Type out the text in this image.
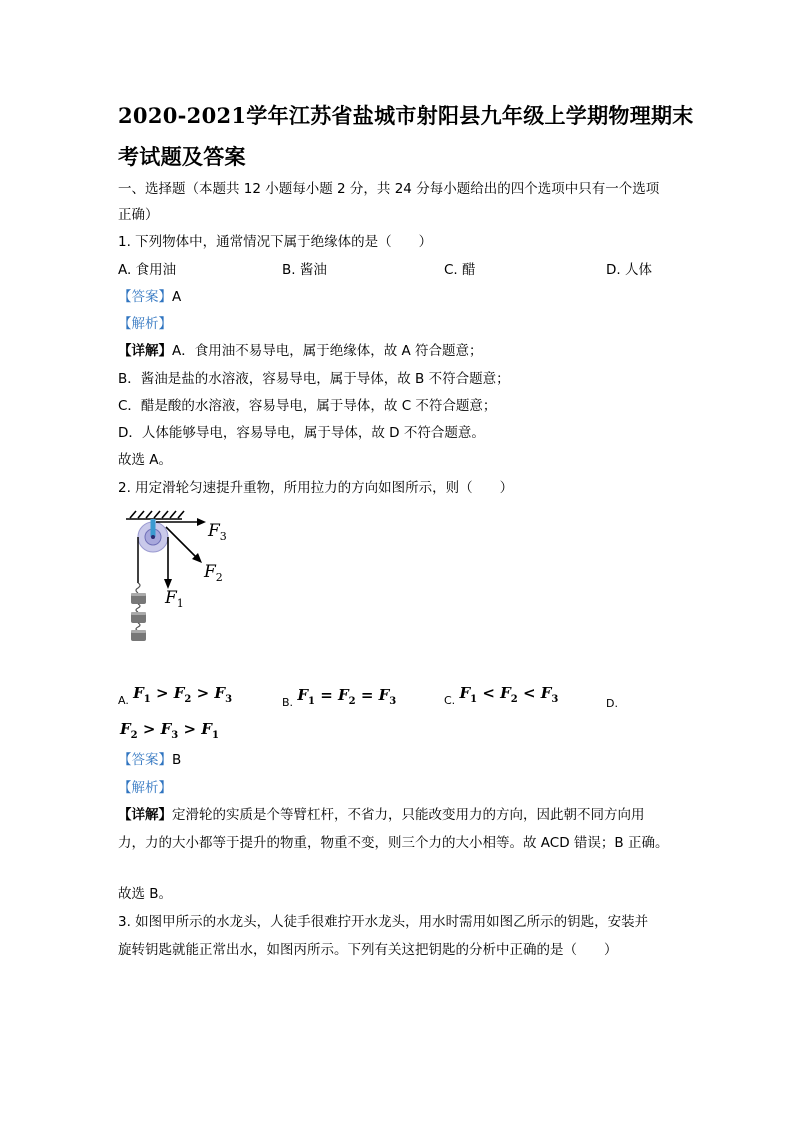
2020-2021学年江苏省盐城市射阳县九年级上学期物理期末
考试题及答案
一、选择题（本题共 12 小题每小题 2 分，共 24 分每小题给出的四个选项中只有一个选项
正确）
1. 下列物体中，通常情况下属于绝缘体的是（　　）
A. 食用油	B. 酱油	C. 醋	D. 人体
【答案】A
【解析】
【详解】A．食用油不易导电，属于绝缘体，故 A 符合题意；
B．酱油是盐的水溶液，容易导电，属于导体，故 B 不符合题意；
C．醋是酸的水溶液，容易导电，属于导体，故 C 不符合题意；
D．人体能够导电，容易导电，属于导体，故 D 不符合题意。
故选 A。
2. 用定滑轮匀速提升重物，所用拉力的方向如图所示，则（　　）
$F_3$
$F_2$
$F_1$
$_{A.}$ $F_1 > F_2 > F_3$	$_{B.}$ $F_1 = F_2 = F_3$	$_{C.}$ $F_1 < F_2 < F_3$	D.
$F_2 > F_3 > F_1$
【答案】B
【解析】
【详解】定滑轮的实质是个等臂杠杆，不省力，只能改变用力的方向，因此朝不同方向用
力，力的大小都等于提升的物重，物重不变，则三个力的大小相等。故 ACD 错误；B 正确。
故选 B。
3. 如图甲所示的水龙头，人徒手很难拧开水龙头，用水时需用如图乙所示的钥匙，安装并
旋转钥匙就能正常出水，如图丙所示。下列有关这把钥匙的分析中正确的是（　　）
